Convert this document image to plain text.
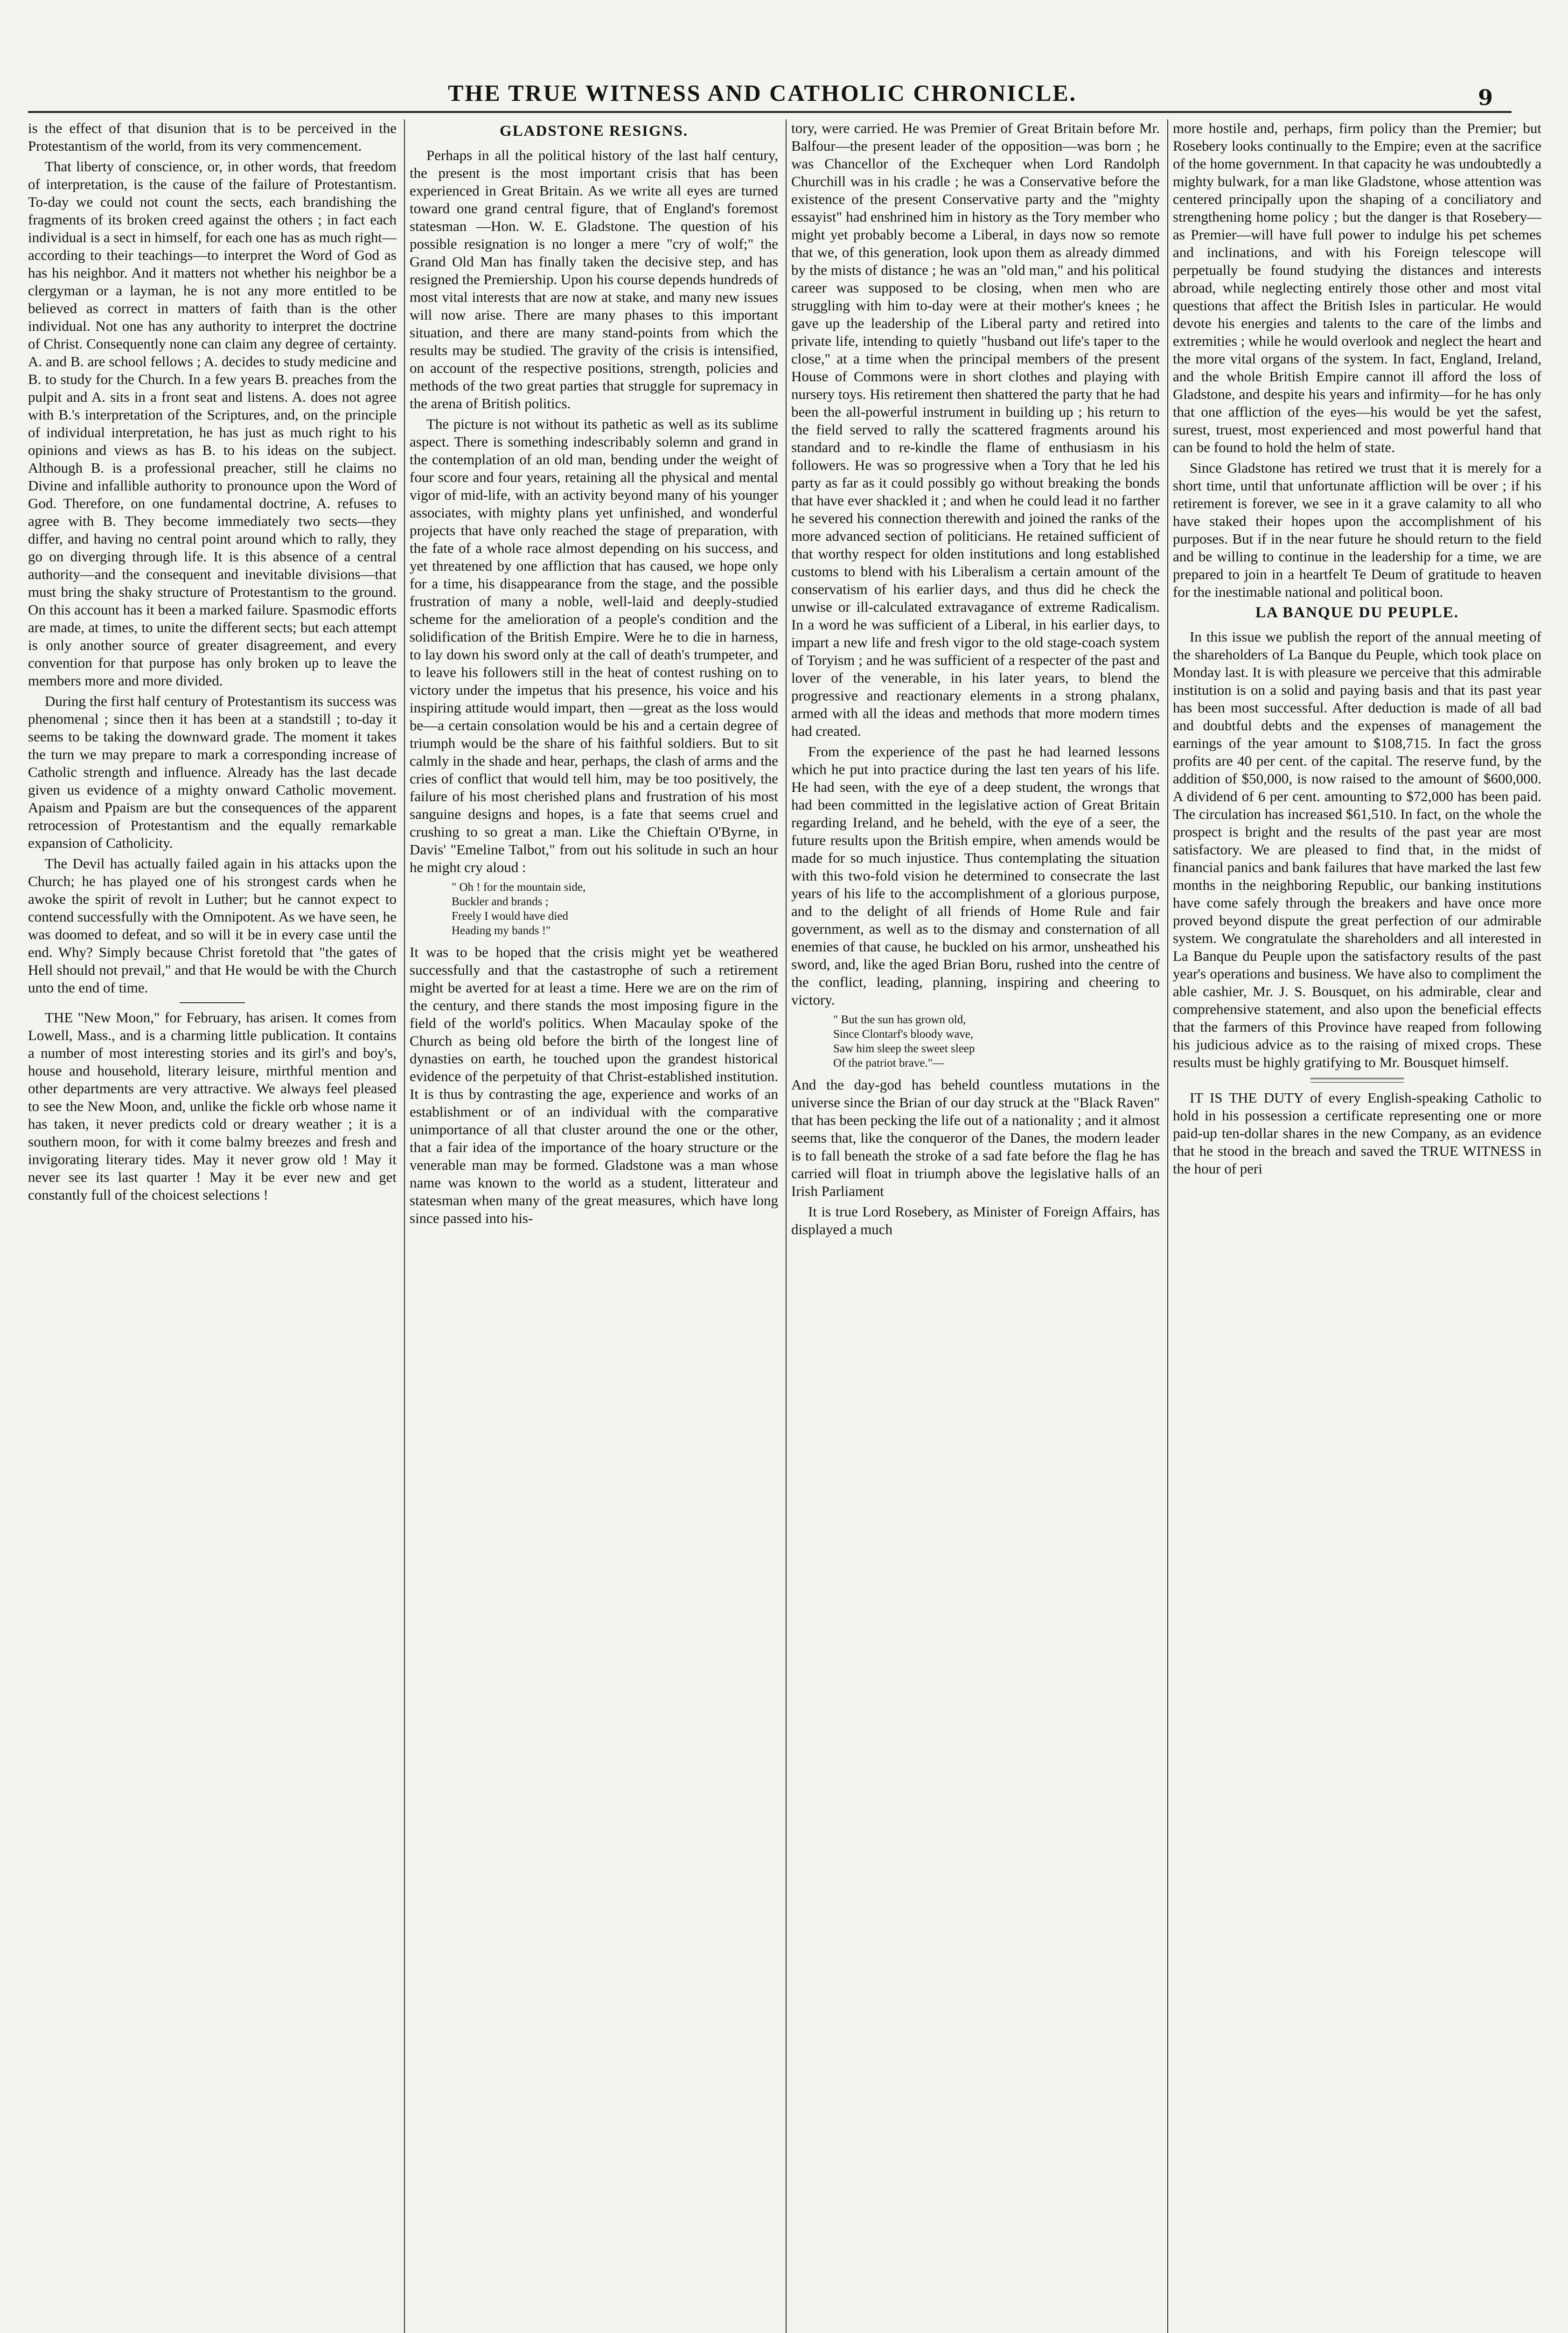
THE TRUE WITNESS AND CATHOLIC CHRONICLE.	9

is the effect of that disunion that is to be perceived in the Protestantism of the world, from its very commencement.

That liberty of conscience, or, in other words, that freedom of interpretation, is the cause of the failure of Protestantism. To-day we could not count the sects, each brandishing the fragments of its broken creed against the others ; in fact each individual is a sect in himself, for each one has as much right—according to their teachings—to interpret the Word of God as has his neighbor. And it matters not whether his neighbor be a clergyman or a layman, he is not any more entitled to be believed as correct in matters of faith than is the other individual. Not one has any authority to interpret the doctrine of Christ. Consequently none can claim any degree of certainty. A. and B. are school fellows ; A. decides to study medicine and B. to study for the Church. In a few years B. preaches from the pulpit and A. sits in a front seat and listens. A. does not agree with B.'s interpretation of the Scriptures, and, on the principle of individual interpretation, he has just as much right to his opinions and views as has B. to his ideas on the subject. Although B. is a professional preacher, still he claims no Divine and infallible authority to pronounce upon the Word of God. Therefore, on one fundamental doctrine, A. refuses to agree with B. They become immediately two sects—they differ, and having no central point around which to rally, they go on diverging through life. It is this absence of a central authority—and the consequent and inevitable divisions—that must bring the shaky structure of Protestantism to the ground. On this account has it been a marked failure. Spasmodic efforts are made, at times, to unite the different sects; but each attempt is only another source of greater disagreement, and every convention for that purpose has only broken up to leave the members more and more divided.

During the first half century of Protestantism its success was phenomenal ; since then it has been at a standstill ; to-day it seems to be taking the downward grade. The moment it takes the turn we may prepare to mark a corresponding increase of Catholic strength and influence. Already has the last decade given us evidence of a mighty onward Catholic movement. Apaism and Ppaism are but the consequences of the apparent retrocession of Protestantism and the equally remarkable expansion of Catholicity.

The Devil has actually failed again in his attacks upon the Church; he has played one of his strongest cards when he awoke the spirit of revolt in Luther; but he cannot expect to contend successfully with the Omnipotent. As we have seen, he was doomed to defeat, and so will it be in every case until the end. Why? Simply because Christ foretold that "the gates of Hell should not prevail," and that He would be with the Church unto the end of time.

THE "New Moon," for February, has arisen. It comes from Lowell, Mass., and is a charming little publication. It contains a number of most interesting stories and its girl's and boy's, house and household, literary leisure, mirthful mention and other departments are very attractive. We always feel pleased to see the New Moon, and, unlike the fickle orb whose name it has taken, it never predicts cold or dreary weather ; it is a southern moon, for with it come balmy breezes and fresh and invigorating literary tides. May it never grow old ! May it never see its last quarter ! May it be ever new and get constantly full of the choicest selections !

GLADSTONE RESIGNS.

Perhaps in all the political history of the last half century, the present is the most important crisis that has been experienced in Great Britain. As we write all eyes are turned toward one grand central figure, that of England's foremost statesman —Hon. W. E. Gladstone. The question of his possible resignation is no longer a mere "cry of wolf;" the Grand Old Man has finally taken the decisive step, and has resigned the Premiership. Upon his course depends hundreds of most vital interests that are now at stake, and many new issues will now arise. There are many phases to this important situation, and there are many stand-points from which the results may be studied. The gravity of the crisis is intensified, on account of the respective positions, strength, policies and methods of the two great parties that struggle for supremacy in the arena of British politics.

The picture is not without its pathetic as well as its sublime aspect. There is something indescribably solemn and grand in the contemplation of an old man, bending under the weight of four score and four years, retaining all the physical and mental vigor of mid-life, with an activity beyond many of his younger associates, with mighty plans yet unfinished, and wonderful projects that have only reached the stage of preparation, with the fate of a whole race almost depending on his success, and yet threatened by one affliction that has caused, we hope only for a time, his disappearance from the stage, and the possible frustration of many a noble, well-laid and deeply-studied scheme for the amelioration of a people's condition and the solidification of the British Empire. Were he to die in harness, to lay down his sword only at the call of death's trumpeter, and to leave his followers still in the heat of contest rushing on to victory under the impetus that his presence, his voice and his inspiring attitude would impart, then —great as the loss would be—a certain consolation would be his and a certain degree of triumph would be the share of his faithful soldiers. But to sit calmly in the shade and hear, perhaps, the clash of arms and the cries of conflict that would tell him, may be too positively, the failure of his most cherished plans and frustration of his most sanguine designs and hopes, is a fate that seems cruel and crushing to so great a man. Like the Chieftain O'Byrne, in Davis' "Emeline Talbot," from out his solitude in such an hour he might cry aloud :

" Oh ! for the mountain side,
Buckler and brands ;
Freely I would have died
Heading my bands !"

It was to be hoped that the crisis might yet be weathered successfully and that the castastrophe of such a retirement might be averted for at least a time. Here we are on the rim of the century, and there stands the most imposing figure in the field of the world's politics. When Macaulay spoke of the Church as being old before the birth of the longest line of dynasties on earth, he touched upon the grandest historical evidence of the perpetuity of that Christ-established institution. It is thus by contrasting the age, experience and works of an establishment or of an individual with the comparative unimportance of all that cluster around the one or the other, that a fair idea of the importance of the hoary structure or the venerable man may be formed. Gladstone was a man whose name was known to the world as a student, litterateur and statesman when many of the great measures, which have long since passed into his-

tory, were carried. He was Premier of Great Britain before Mr. Balfour—the present leader of the opposition—was born ; he was Chancellor of the Exchequer when Lord Randolph Churchill was in his cradle ; he was a Conservative before the existence of the present Conservative party and the "mighty essayist" had enshrined him in history as the Tory member who might yet probably become a Liberal, in days now so remote that we, of this generation, look upon them as already dimmed by the mists of distance ; he was an "old man," and his political career was supposed to be closing, when men who are struggling with him to-day were at their mother's knees ; he gave up the leadership of the Liberal party and retired into private life, intending to quietly "husband out life's taper to the close," at a time when the principal members of the present House of Commons were in short clothes and playing with nursery toys. His retirement then shattered the party that he had been the all-powerful instrument in building up ; his return to the field served to rally the scattered fragments around his standard and to re-kindle the flame of enthusiasm in his followers. He was so progressive when a Tory that he led his party as far as it could possibly go without breaking the bonds that have ever shackled it ; and when he could lead it no farther he severed his connection therewith and joined the ranks of the more advanced section of politicians. He retained sufficient of that worthy respect for olden institutions and long established customs to blend with his Liberalism a certain amount of the conservatism of his earlier days, and thus did he check the unwise or ill-calculated extravagance of extreme Radicalism. In a word he was sufficient of a Liberal, in his earlier days, to impart a new life and fresh vigor to the old stage-coach system of Toryism ; and he was sufficient of a respecter of the past and lover of the venerable, in his later years, to blend the progressive and reactionary elements in a strong phalanx, armed with all the ideas and methods that more modern times had created.

From the experience of the past he had learned lessons which he put into practice during the last ten years of his life. He had seen, with the eye of a deep student, the wrongs that had been committed in the legislative action of Great Britain regarding Ireland, and he beheld, with the eye of a seer, the future results upon the British empire, when amends would be made for so much injustice. Thus contemplating the situation with this two-fold vision he determined to consecrate the last years of his life to the accomplishment of a glorious purpose, and to the delight of all friends of Home Rule and fair government, as well as to the dismay and consternation of all enemies of that cause, he buckled on his armor, unsheathed his sword, and, like the aged Brian Boru, rushed into the centre of the conflict, leading, planning, inspiring and cheering to victory.

" But the sun has grown old,
Since Clontarf's bloody wave,
Saw him sleep the sweet sleep
Of the patriot brave."—

And the day-god has beheld countless mutations in the universe since the Brian of our day struck at the "Black Raven" that has been pecking the life out of a nationality ; and it almost seems that, like the conqueror of the Danes, the modern leader is to fall beneath the stroke of a sad fate before the flag he has carried will float in triumph above the legislative halls of an Irish Parliament

It is true Lord Rosebery, as Minister of Foreign Affairs, has displayed a much

more hostile and, perhaps, firm policy than the Premier; but Rosebery looks continually to the Empire; even at the sacrifice of the home government. In that capacity he was undoubtedly a mighty bulwark, for a man like Gladstone, whose attention was centered principally upon the shaping of a conciliatory and strengthening home policy ; but the danger is that Rosebery—as Premier—will have full power to indulge his pet schemes and inclinations, and with his Foreign telescope will perpetually be found studying the distances and interests abroad, while neglecting entirely those other and most vital questions that affect the British Isles in particular. He would devote his energies and talents to the care of the limbs and extremities ; while he would overlook and neglect the heart and the more vital organs of the system. In fact, England, Ireland, and the whole British Empire cannot ill afford the loss of Gladstone, and despite his years and infirmity—for he has only that one affliction of the eyes—his would be yet the safest, surest, truest, most experienced and most powerful hand that can be found to hold the helm of state.

Since Gladstone has retired we trust that it is merely for a short time, until that unfortunate affliction will be over ; if his retirement is forever, we see in it a grave calamity to all who have staked their hopes upon the accomplishment of his purposes. But if in the near future he should return to the field and be willing to continue in the leadership for a time, we are prepared to join in a heartfelt Te Deum of gratitude to heaven for the inestimable national and political boon.

LA BANQUE DU PEUPLE.

In this issue we publish the report of the annual meeting of the shareholders of La Banque du Peuple, which took place on Monday last. It is with pleasure we perceive that this admirable institution is on a solid and paying basis and that its past year has been most successful. After deduction is made of all bad and doubtful debts and the expenses of management the earnings of the year amount to $108,715. In fact the gross profits are 40 per cent. of the capital. The reserve fund, by the addition of $50,000, is now raised to the amount of $600,000. A dividend of 6 per cent. amounting to $72,000 has been paid. The circulation has increased $61,510. In fact, on the whole the prospect is bright and the results of the past year are most satisfactory. We are pleased to find that, in the midst of financial panics and bank failures that have marked the last few months in the neighboring Republic, our banking institutions have come safely through the breakers and have once more proved beyond dispute the great perfection of our admirable system. We congratulate the shareholders and all interested in La Banque du Peuple upon the satisfactory results of the past year's operations and business. We have also to compliment the able cashier, Mr. J. S. Bousquet, on his admirable, clear and comprehensive statement, and also upon the beneficial effects that the farmers of this Province have reaped from following his judicious advice as to the raising of mixed crops. These results must be highly gratifying to Mr. Bousquet himself.

IT IS THE DUTY of every English-speaking Catholic to hold in his possession a certificate representing one or more paid-up ten-dollar shares in the new Company, as an evidence that he stood in the breach and saved the TRUE WITNESS in the hour of peri
